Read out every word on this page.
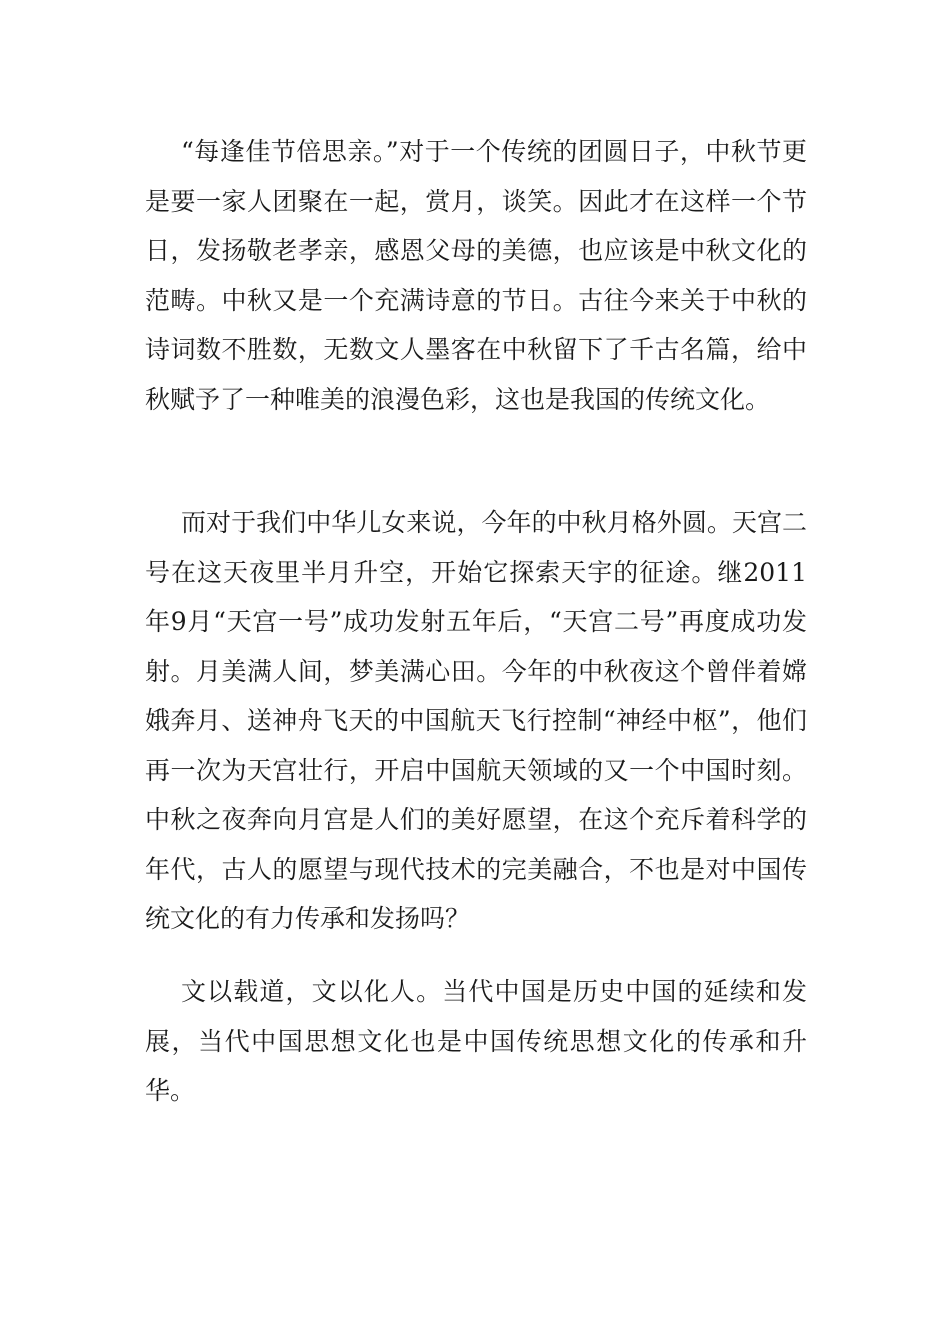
“每逢佳节倍思亲。”对于一个传统的团圆日子，中秋节更是要一家人团聚在一起，赏月，谈笑。因此才在这样一个节日，发扬敬老孝亲，感恩父母的美德，也应该是中秋文化的范畴。中秋又是一个充满诗意的节日。古往今来关于中秋的诗词数不胜数，无数文人墨客在中秋留下了千古名篇，给中秋赋予了一种唯美的浪漫色彩，这也是我国的传统文化。

而对于我们中华儿女来说，今年的中秋月格外圆。天宫二号在这天夜里半月升空，开始它探索天宇的征途。继2011年9月“天宫一号”成功发射五年后，“天宫二号”再度成功发射。月美满人间，梦美满心田。今年的中秋夜这个曾伴着嫦娥奔月、送神舟飞天的中国航天飞行控制“神经中枢”，他们再一次为天宫壮行，开启中国航天领域的又一个中国时刻。中秋之夜奔向月宫是人们的美好愿望，在这个充斥着科学的年代，古人的愿望与现代技术的完美融合，不也是对中国传统文化的有力传承和发扬吗？

文以载道，文以化人。当代中国是历史中国的延续和发展，当代中国思想文化也是中国传统思想文化的传承和升华。
